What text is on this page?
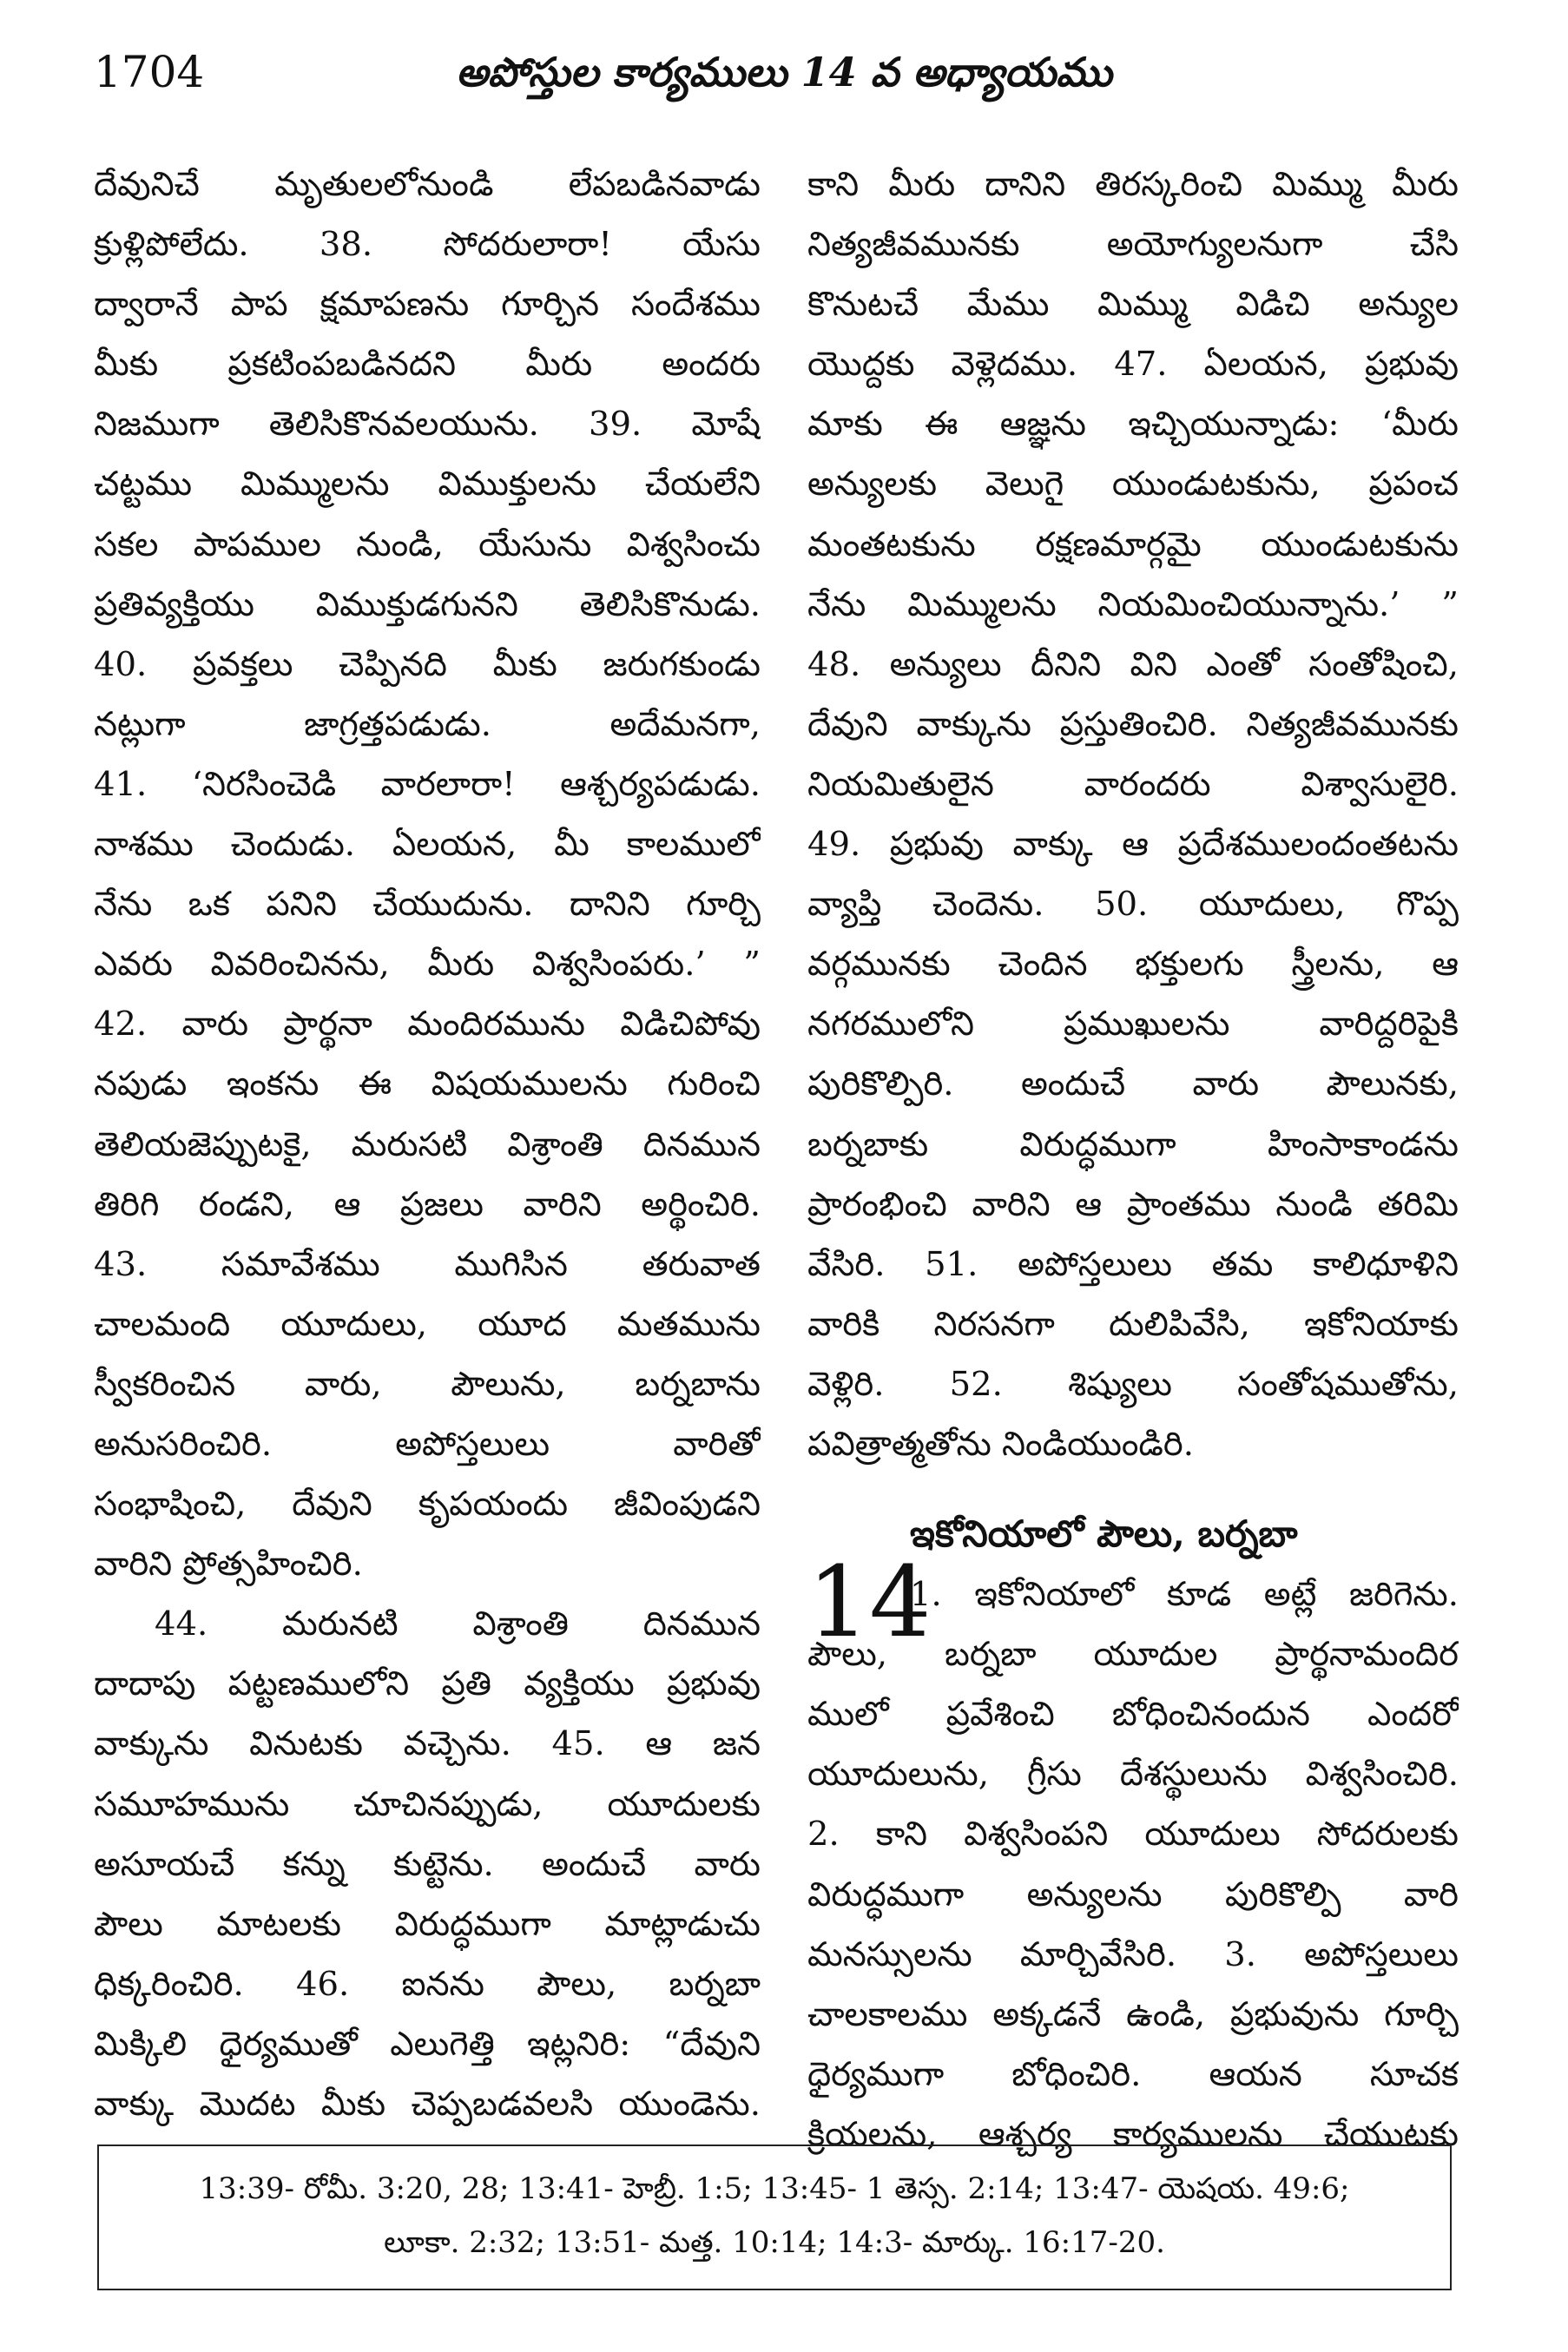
1704	అపోస్తుల కార్యములు 14 వ అధ్యాయము
దేవునిచే మృతులలోనుండి లేపబడినవాడు
క్రుళ్లిపోలేదు. 38. సోదరులారా! యేసు
ద్వారానే పాప క్షమాపణను గూర్చిన సందేశము
మీకు ప్రకటింపబడినదని మీరు అందరు
నిజముగా తెలిసికొనవలయును. 39. మోషే
చట్టము మిమ్ములను విముక్తులను చేయలేని
సకల పాపముల నుండి, యేసును విశ్వసించు
ప్రతివ్యక్తియు విముక్తుడగునని తెలిసికొనుడు.
40. ప్రవక్తలు చెప్పినది మీకు జరుగకుండు
నట్లుగా జాగ్రత్తపడుడు. అదేమనగా,
41. ‘నిరసించెడి వారలారా! ఆశ్చర్యపడుడు.
నాశము చెందుడు. ఏలయన, మీ కాలములో
నేను ఒక పనిని చేయుదును. దానిని గూర్చి
ఎవరు వివరించినను, మీరు విశ్వసింపరు.’ ”
42. వారు ప్రార్థనా మందిరమును విడిచిపోవు
నపుడు ఇంకను ఈ విషయములను గురించి
తెలియజెప్పుటకై, మరుసటి విశ్రాంతి దినమున
తిరిగి రండని, ఆ ప్రజలు వారిని అర్థించిరి.
43. సమావేశము ముగిసిన తరువాత
చాలమంది యూదులు, యూద మతమును
స్వీకరించిన వారు, పౌలును, బర్నబాను
అనుసరించిరి. అపోస్తలులు వారితో
సంభాషించి, దేవుని కృపయందు జీవింపుడని
వారిని ప్రోత్సహించిరి.
44. మరునటి విశ్రాంతి దినమున
దాదాపు పట్టణములోని ప్రతి వ్యక్తియు ప్రభువు
వాక్కును వినుటకు వచ్చెను. 45. ఆ జన
సమూహమును చూచినప్పుడు, యూదులకు
అసూయచే కన్ను కుట్టెను. అందుచే వారు
పౌలు మాటలకు విరుద్ధముగా మాట్లాడుచు
ధిక్కరించిరి. 46. ఐనను పౌలు, బర్నబా
మిక్కిలి ధైర్యముతో ఎలుగెత్తి ఇట్లనిరి: “దేవుని
వాక్కు మొదట మీకు చెప్పబడవలసి యుండెను.
కాని మీరు దానిని తిరస్కరించి మిమ్ము మీరు
నిత్యజీవమునకు అయోగ్యులనుగా చేసి
కొనుటచే మేము మిమ్ము విడిచి అన్యుల
యొద్దకు వెళ్లెదము. 47. ఏలయన, ప్రభువు
మాకు ఈ ఆజ్ఞను ఇచ్చియున్నాడు: ‘మీరు
అన్యులకు వెలుగై యుండుటకును, ప్రపంచ
మంతటకును రక్షణమార్గమై యుండుటకును
నేను మిమ్ములను నియమించియున్నాను.’ ”
48. అన్యులు దీనిని విని ఎంతో సంతోషించి,
దేవుని వాక్కును ప్రస్తుతించిరి. నిత్యజీవమునకు
నియమితులైన వారందరు విశ్వాసులైరి.
49. ప్రభువు వాక్కు ఆ ప్రదేశములందంతటను
వ్యాప్తి చెందెను. 50. యూదులు, గొప్ప
వర్గమునకు చెందిన భక్తులగు స్త్రీలను, ఆ
నగరములోని ప్రముఖులను వారిద్దరిపైకి
పురికొల్పిరి. అందుచే వారు పౌలునకు,
బర్నబాకు విరుద్ధముగా హింసాకాండను
ప్రారంభించి వారిని ఆ ప్రాంతము నుండి తరిమి
వేసిరి. 51. అపోస్తలులు తమ కాలిధూళిని
వారికి నిరసనగా దులిపివేసి, ఇకోనియాకు
వెళ్లిరి. 52. శిష్యులు సంతోషముతోను,
పవిత్రాత్మతోను నిండియుండిరి.
ఇకోనియాలో పౌలు, బర్నబా
14
1. ఇకోనియాలో కూడ అట్లే జరిగెను.
పౌలు, బర్నబా యూదుల ప్రార్థనామందిర
ములో ప్రవేశించి బోధించినందున ఎందరో
యూదులును, గ్రీసు దేశస్థులును విశ్వసించిరి.
2. కాని విశ్వసింపని యూదులు సోదరులకు
విరుద్ధముగా అన్యులను పురికొల్పి వారి
మనస్సులను మార్చివేసిరి. 3. అపోస్తలులు
చాలకాలము అక్కడనే ఉండి, ప్రభువును గూర్చి
ధైర్యముగా బోధించిరి. ఆయన సూచక
క్రియలను, ఆశ్చర్య కార్యములను చేయుటకు
13:39- రోమీ. 3:20, 28; 13:41- హెబ్రీ. 1:5; 13:45- 1 తెస్స. 2:14; 13:47- యెషయ. 49:6;
లూకా. 2:32; 13:51- మత్త. 10:14; 14:3- మార్కు. 16:17-20.
